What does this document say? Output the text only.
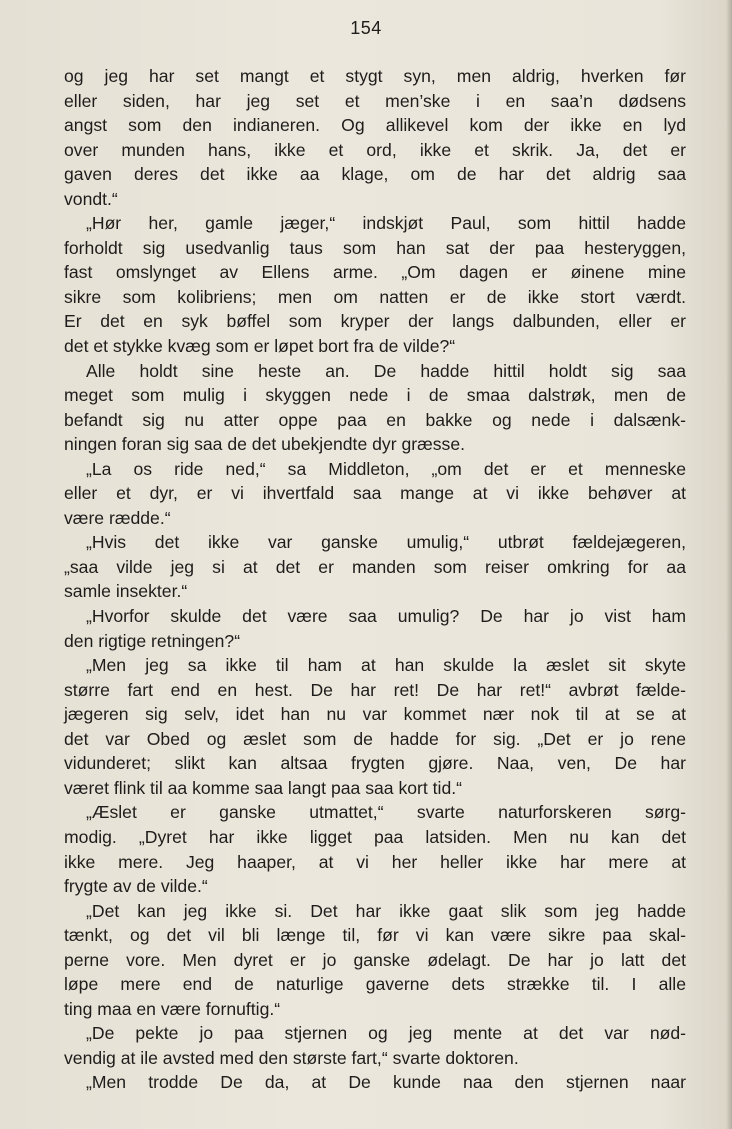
154
og jeg har set mangt et stygt syn, men aldrig, hverken før
eller siden, har jeg set et men’ske i en saa’n dødsens
angst som den indianeren. Og allikevel kom der ikke en lyd
over munden hans, ikke et ord, ikke et skrik. Ja, det er
gaven deres det ikke aa klage, om de har det aldrig saa
vondt.“
„Hør her, gamle jæger,“ indskjøt Paul, som hittil hadde
forholdt sig usedvanlig taus som han sat der paa hesteryggen,
fast omslynget av Ellens arme. „Om dagen er øinene mine
sikre som kolibriens; men om natten er de ikke stort værdt.
Er det en syk bøffel som kryper der langs dalbunden, eller er
det et stykke kvæg som er løpet bort fra de vilde?“
Alle holdt sine heste an. De hadde hittil holdt sig saa
meget som mulig i skyggen nede i de smaa dalstrøk, men de
befandt sig nu atter oppe paa en bakke og nede i dalsænk-
ningen foran sig saa de det ubekjendte dyr græsse.
„La os ride ned,“ sa Middleton, „om det er et menneske
eller et dyr, er vi ihvertfald saa mange at vi ikke behøver at
være rædde.“
„Hvis det ikke var ganske umulig,“ utbrøt fældejægeren,
„saa vilde jeg si at det er manden som reiser omkring for aa
samle insekter.“
„Hvorfor skulde det være saa umulig? De har jo vist ham
den rigtige retningen?“
„Men jeg sa ikke til ham at han skulde la æslet sit skyte
større fart end en hest. De har ret! De har ret!“ avbrøt fælde-
jægeren sig selv, idet han nu var kommet nær nok til at se at
det var Obed og æslet som de hadde for sig. „Det er jo rene
vidunderet; slikt kan altsaa frygten gjøre. Naa, ven, De har
været flink til aa komme saa langt paa saa kort tid.“
„Æslet er ganske utmattet,“ svarte naturforskeren sørg-
modig. „Dyret har ikke ligget paa latsiden. Men nu kan det
ikke mere. Jeg haaper, at vi her heller ikke har mere at
frygte av de vilde.“
„Det kan jeg ikke si. Det har ikke gaat slik som jeg hadde
tænkt, og det vil bli længe til, før vi kan være sikre paa skal-
perne vore. Men dyret er jo ganske ødelagt. De har jo latt det
løpe mere end de naturlige gaverne dets strække til. I alle
ting maa en være fornuftig.“
„De pekte jo paa stjernen og jeg mente at det var nød-
vendig at ile avsted med den største fart,“ svarte doktoren.
„Men trodde De da, at De kunde naa den stjernen naar
